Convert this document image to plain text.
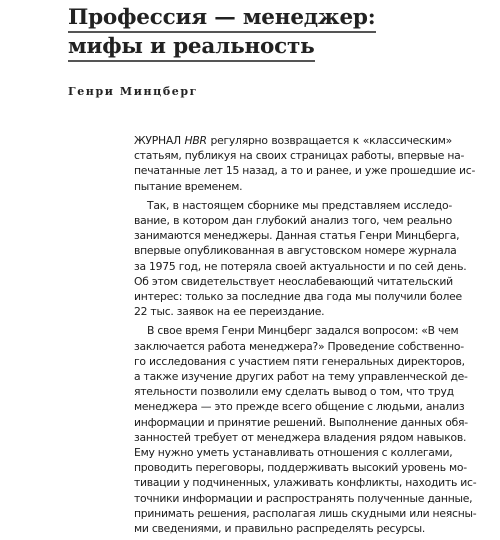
Профессия — менеджер:
мифы и реальность
Генри Минцберг
ЖУРНАЛ HBR регулярно возвращается к «классическим»
статьям, публикуя на своих страницах работы, впервые на-
печатанные лет 15 назад, а то и ранее, и уже прошедшие ис-
пытание временем.
Так, в настоящем сборнике мы представляем исследо-
вание, в котором дан глубокий анализ того, чем реально
занимаются менеджеры. Данная статья Генри Минцберга,
впервые опубликованная в августовском номере журнала
за 1975 год, не потеряла своей актуальности и по сей день.
Об этом свидетельствует неослабевающий читательский
интерес: только за последние два года мы получили более
22 тыс. заявок на ее переиздание.
В свое время Генри Минцберг задался вопросом: «В чем
заключается работа менеджера?» Проведение собственно-
го исследования с участием пяти генеральных директоров,
а также изучение других работ на тему управленческой де-
ятельности позволили ему сделать вывод о том, что труд
менеджера — это прежде всего общение с людьми, анализ
информации и принятие решений. Выполнение данных обя-
занностей требует от менеджера владения рядом навыков.
Ему нужно уметь устанавливать отношения с коллегами,
проводить переговоры, поддерживать высокий уровень мо-
тивации у подчиненных, улаживать конфликты, находить ис-
точники информации и распространять полученные данные,
принимать решения, располагая лишь скудными или неясны-
ми сведениями, и правильно распределять ресурсы.
